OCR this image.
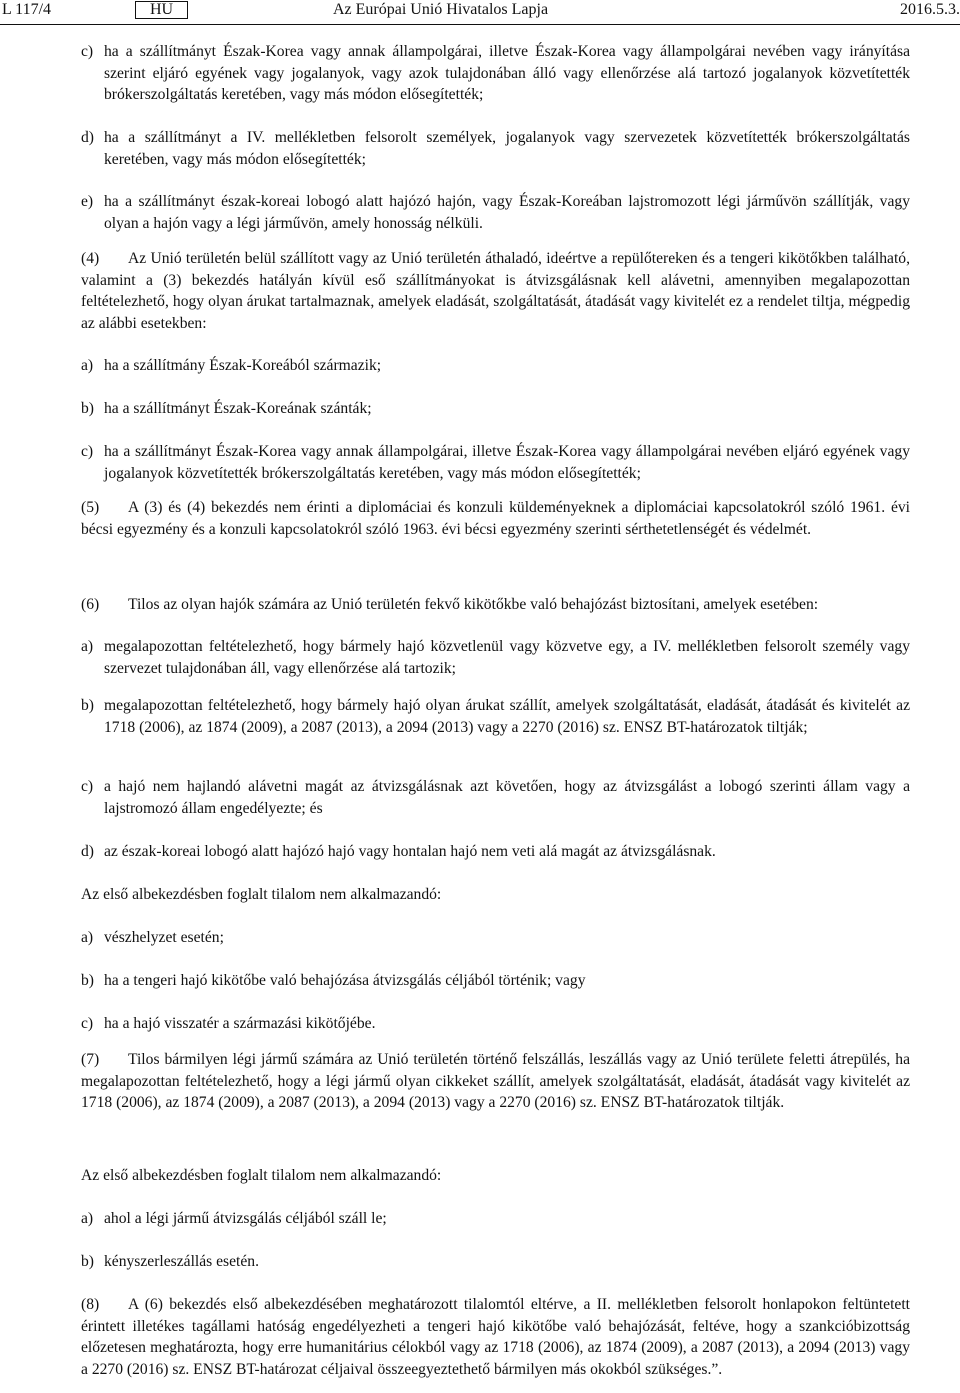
L 117/4	HU	Az Európai Unió Hivatalos Lapja	2016.5.3.
c) ha a szállítmányt Észak-Korea vagy annak állampolgárai, illetve Észak-Korea vagy állampolgárai nevében vagy irányítása szerint eljáró egyének vagy jogalanyok, vagy azok tulajdonában álló vagy ellenőrzése alá tartozó jogalanyok közvetítették brókerszolgáltatás keretében, vagy más módon elősegítették;
d) ha a szállítmányt a IV. mellékletben felsorolt személyek, jogalanyok vagy szervezetek közvetítették brókerszolgáltatás keretében, vagy más módon elősegítették;
e) ha a szállítmányt észak-koreai lobogó alatt hajózó hajón, vagy Észak-Koreában lajstromozott légi járművön szállítják, vagy olyan a hajón vagy a légi járművön, amely honosság nélküli.

(4) Az Unió területén belül szállított vagy az Unió területén áthaladó, ideértve a repülőtereken és a tengeri kikötőkben található, valamint a (3) bekezdés hatályán kívül eső szállítmányokat is átvizsgálásnak kell alávetni, amennyiben megalapozottan feltételezhető, hogy olyan árukat tartalmaznak, amelyek eladását, szolgáltatását, átadását vagy kivitelét ez a rendelet tiltja, mégpedig az alábbi esetekben:

a) ha a szállítmány Észak-Koreából származik;
b) ha a szállítmányt Észak-Koreának szánták;
c) ha a szállítmányt Észak-Korea vagy annak állampolgárai, illetve Észak-Korea vagy állampolgárai nevében eljáró egyének vagy jogalanyok közvetítették brókerszolgáltatás keretében, vagy más módon elősegítették;

(5) A (3) és (4) bekezdés nem érinti a diplomáciai és konzuli küldeményeknek a diplomáciai kapcsolatokról szóló 1961. évi bécsi egyezmény és a konzuli kapcsolatokról szóló 1963. évi bécsi egyezmény szerinti sérthetetlenségét és védelmét.

(6) Tilos az olyan hajók számára az Unió területén fekvő kikötőkbe való behajózást biztosítani, amelyek esetében:

a) megalapozottan feltételezhető, hogy bármely hajó közvetlenül vagy közvetve egy, a IV. mellékletben felsorolt személy vagy szervezet tulajdonában áll, vagy ellenőrzése alá tartozik;
b) megalapozottan feltételezhető, hogy bármely hajó olyan árukat szállít, amelyek szolgáltatását, eladását, átadását és kivitelét az 1718 (2006), az 1874 (2009), a 2087 (2013), a 2094 (2013) vagy a 2270 (2016) sz. ENSZ BT-határozatok tiltják;
c) a hajó nem hajlandó alávetni magát az átvizsgálásnak azt követően, hogy az átvizsgálást a lobogó szerinti állam vagy a lajstromozó állam engedélyezte; és
d) az észak-koreai lobogó alatt hajózó hajó vagy hontalan hajó nem veti alá magát az átvizsgálásnak.

Az első albekezdésben foglalt tilalom nem alkalmazandó:

a) vészhelyzet esetén;
b) ha a tengeri hajó kikötőbe való behajózása átvizsgálás céljából történik; vagy
c) ha a hajó visszatér a származási kikötőjébe.

(7) Tilos bármilyen légi jármű számára az Unió területén történő felszállás, leszállás vagy az Unió területe feletti átrepülés, ha megalapozottan feltételezhető, hogy a légi jármű olyan cikkeket szállít, amelyek szolgáltatását, eladását, átadását vagy kivitelét az 1718 (2006), az 1874 (2009), a 2087 (2013), a 2094 (2013) vagy a 2270 (2016) sz. ENSZ BT-határozatok tiltják.

Az első albekezdésben foglalt tilalom nem alkalmazandó:

a) ahol a légi jármű átvizsgálás céljából száll le;
b) kényszerleszállás esetén.

(8) A (6) bekezdés első albekezdésében meghatározott tilalomtól eltérve, a II. mellékletben felsorolt honlapokon feltüntetett érintett illetékes tagállami hatóság engedélyezheti a tengeri hajó kikötőbe való behajózását, feltéve, hogy a szankcióbizottság előzetesen meghatározta, hogy erre humanitárius célokból vagy az 1718 (2006), az 1874 (2009), a 2087 (2013), a 2094 (2013) vagy a 2270 (2016) sz. ENSZ BT-határozat céljaival összeegyeztethető bármilyen más okokból szükséges.”.
